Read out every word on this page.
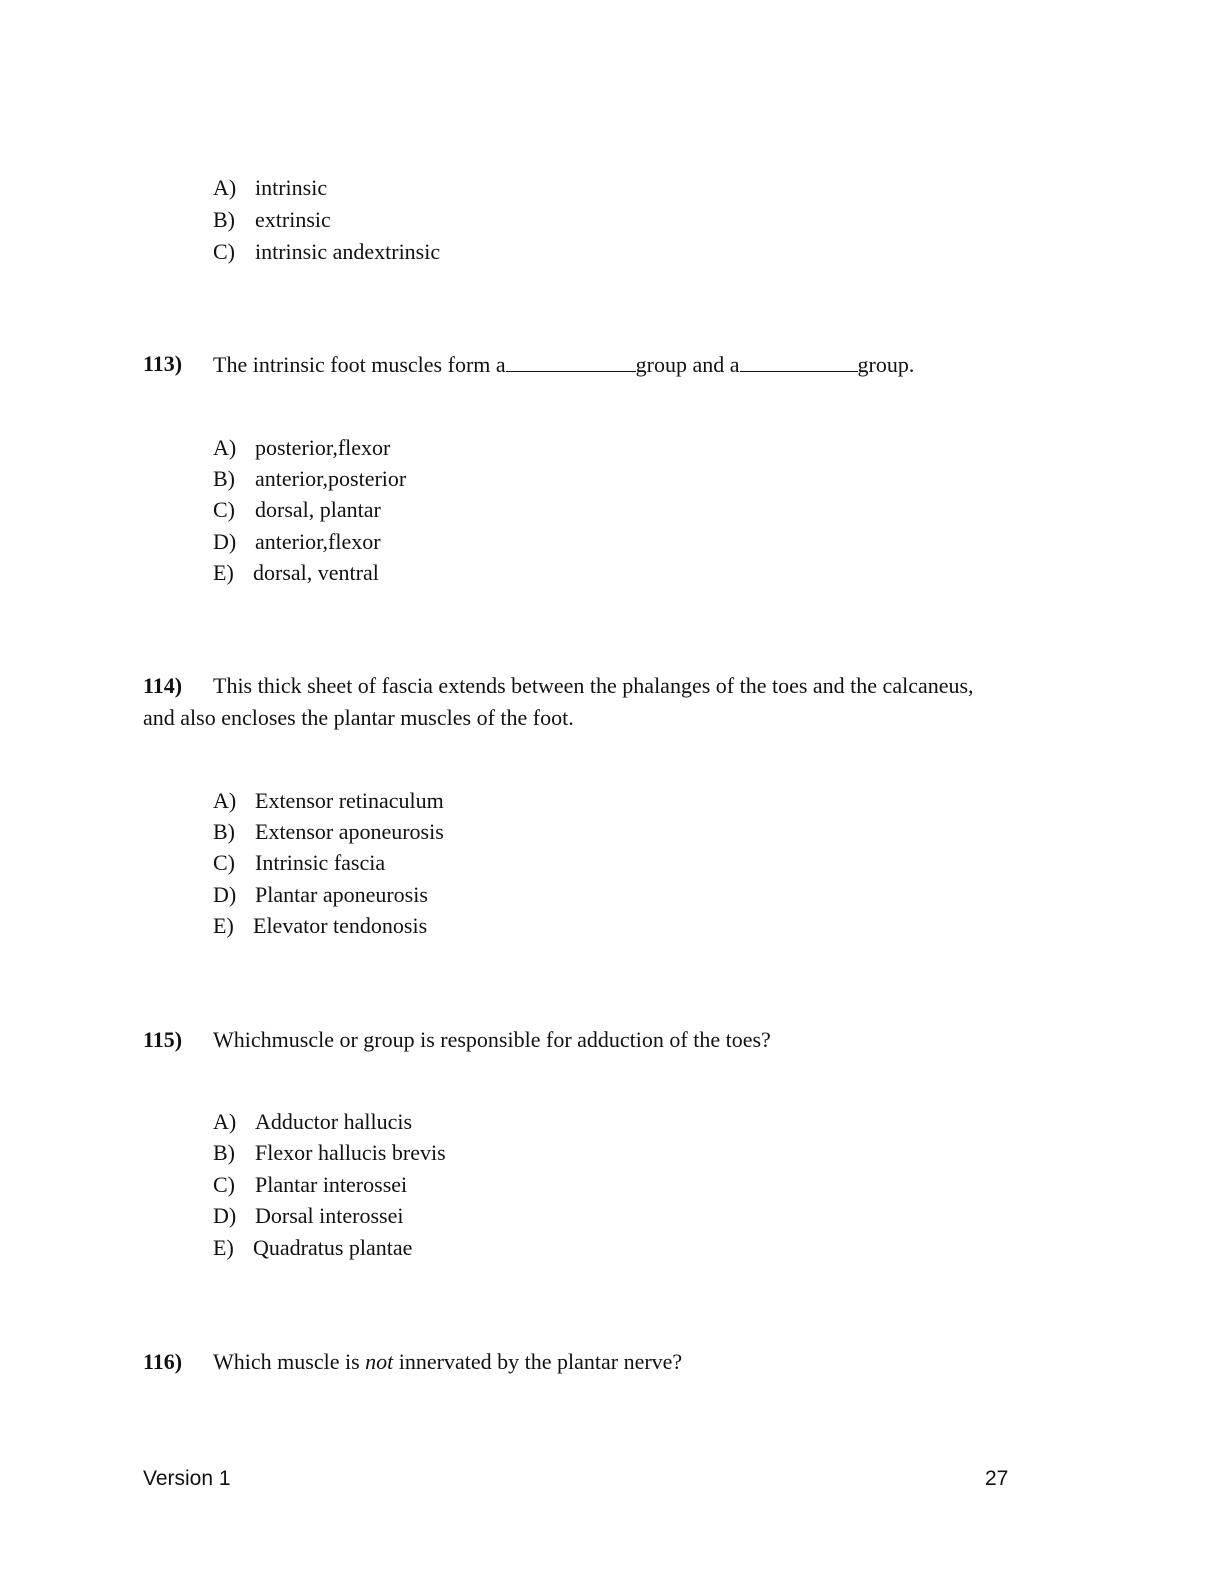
A) intrinsic
B) extrinsic
C) intrinsic andextrinsic
113) The intrinsic foot muscles form a	group and a	group.
A) posterior,flexor
B) anterior,posterior
C) dorsal, plantar
D) anterior,flexor
E) dorsal, ventral
114) This thick sheet of fascia extends between the phalanges of the toes and the calcaneus,
and also encloses the plantar muscles of the foot.
A) Extensor retinaculum
B) Extensor aponeurosis
C) Intrinsic fascia
D) Plantar aponeurosis
E) Elevator tendonosis
115) Whichmuscle or group is responsible for adduction of the toes?
A) Adductor hallucis
B) Flexor hallucis brevis
C) Plantar interossei
D) Dorsal interossei
E) Quadratus plantae
116) Which muscle is not innervated by the plantar nerve?
Version 1	27
